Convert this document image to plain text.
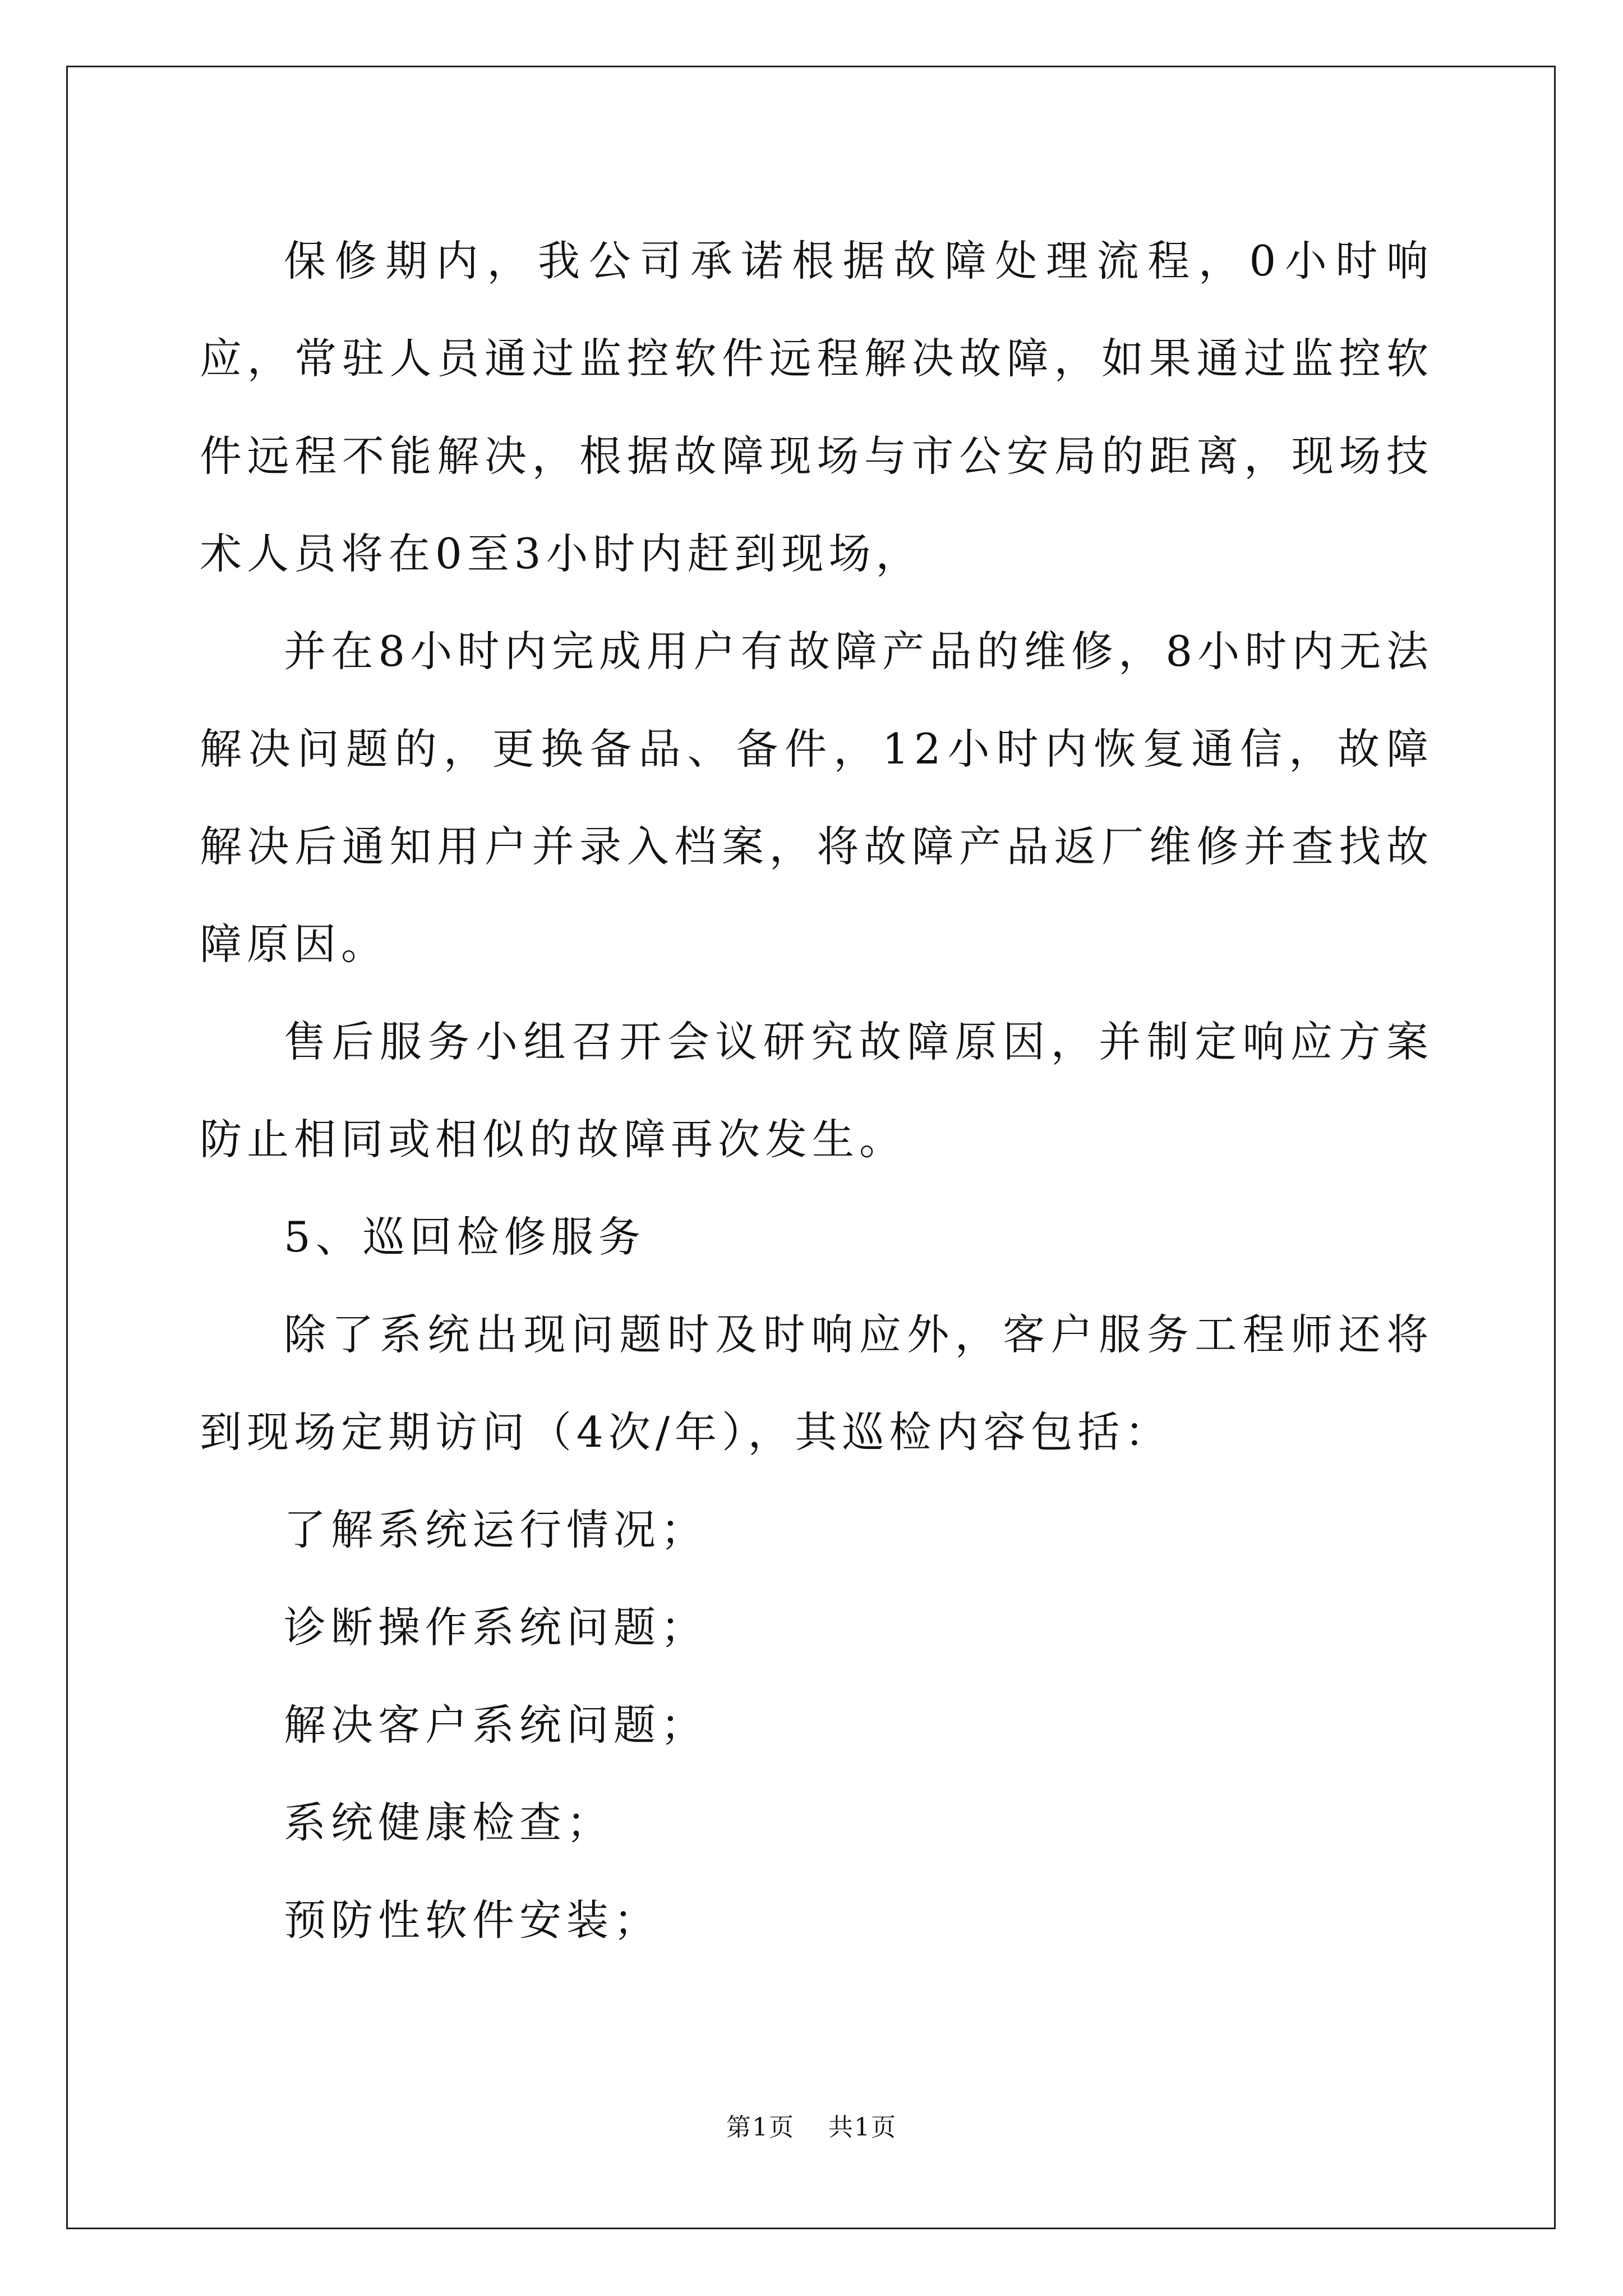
保修期内，我公司承诺根据故障处理流程，0小时响应，常驻人员通过监控软件远程解决故障，如果通过监控软件远程不能解决，根据故障现场与市公安局的距离，现场技术人员将在0至3小时内赶到现场，

并在8小时内完成用户有故障产品的维修，8小时内无法解决问题的，更换备品、备件，12小时内恢复通信，故障解决后通知用户并录入档案，将故障产品返厂维修并查找故障原因。

售后服务小组召开会议研究故障原因，并制定响应方案防止相同或相似的故障再次发生。

5、巡回检修服务

除了系统出现问题时及时响应外，客户服务工程师还将到现场定期访问（4次/年），其巡检内容包括：

了解系统运行情况；

诊断操作系统问题；

解决客户系统问题；

系统健康检查；

预防性软件安装；

第1页 共1页
